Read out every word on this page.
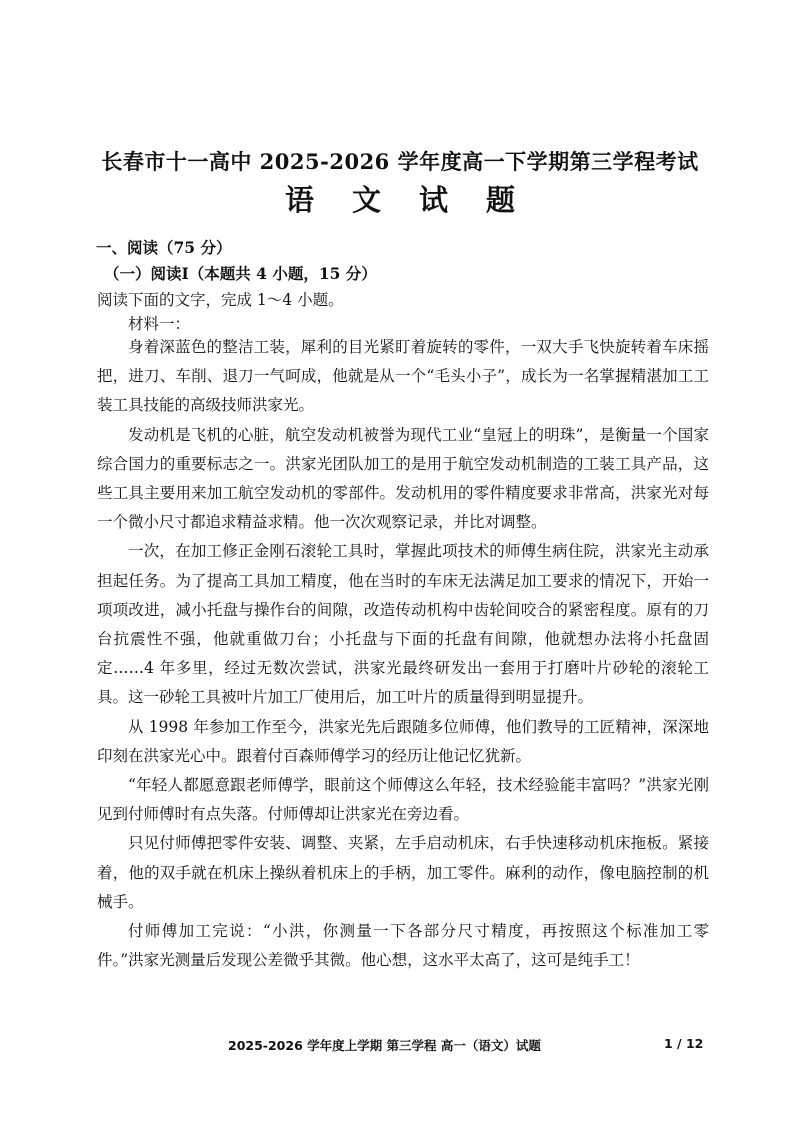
长春市十一高中 2025-2026 学年度高一下学期第三学程考试
语文试题
一、阅读（75 分）
（一）阅读Ⅰ（本题共 4 小题，15 分）
阅读下面的文字，完成 1～4 小题。
材料一：

身着深蓝色的整洁工装，犀利的目光紧盯着旋转的零件，一双大手飞快旋转着车床摇把，进刀、车削、退刀一气呵成，他就是从一个“毛头小子”，成长为一名掌握精湛加工工装工具技能的高级技师洪家光。

发动机是飞机的心脏，航空发动机被誉为现代工业“皇冠上的明珠”，是衡量一个国家综合国力的重要标志之一。洪家光团队加工的是用于航空发动机制造的工装工具产品，这些工具主要用来加工航空发动机的零部件。发动机用的零件精度要求非常高，洪家光对每一个微小尺寸都追求精益求精。他一次次观察记录，并比对调整。

一次，在加工修正金刚石滚轮工具时，掌握此项技术的师傅生病住院，洪家光主动承担起任务。为了提高工具加工精度，他在当时的车床无法满足加工要求的情况下，开始一项项改进，减小托盘与操作台的间隙，改造传动机构中齿轮间咬合的紧密程度。原有的刀台抗震性不强，他就重做刀台；小托盘与下面的托盘有间隙，他就想办法将小托盘固定……4 年多里，经过无数次尝试，洪家光最终研发出一套用于打磨叶片砂轮的滚轮工具。这一砂轮工具被叶片加工厂使用后，加工叶片的质量得到明显提升。

从 1998 年参加工作至今，洪家光先后跟随多位师傅，他们教导的工匠精神，深深地印刻在洪家光心中。跟着付百森师傅学习的经历让他记忆犹新。

“年轻人都愿意跟老师傅学，眼前这个师傅这么年轻，技术经验能丰富吗？”洪家光刚见到付师傅时有点失落。付师傅却让洪家光在旁边看。

只见付师傅把零件安装、调整、夹紧，左手启动机床，右手快速移动机床拖板。紧接着，他的双手就在机床上操纵着机床上的手柄，加工零件。麻利的动作，像电脑控制的机械手。

付师傅加工完说：“小洪，你测量一下各部分尺寸精度，再按照这个标准加工零件。”洪家光测量后发现公差微乎其微。他心想，这水平太高了，这可是纯手工！

2025-2026 学年度上学期 第三学程 高一（语文）试题	1 / 12
